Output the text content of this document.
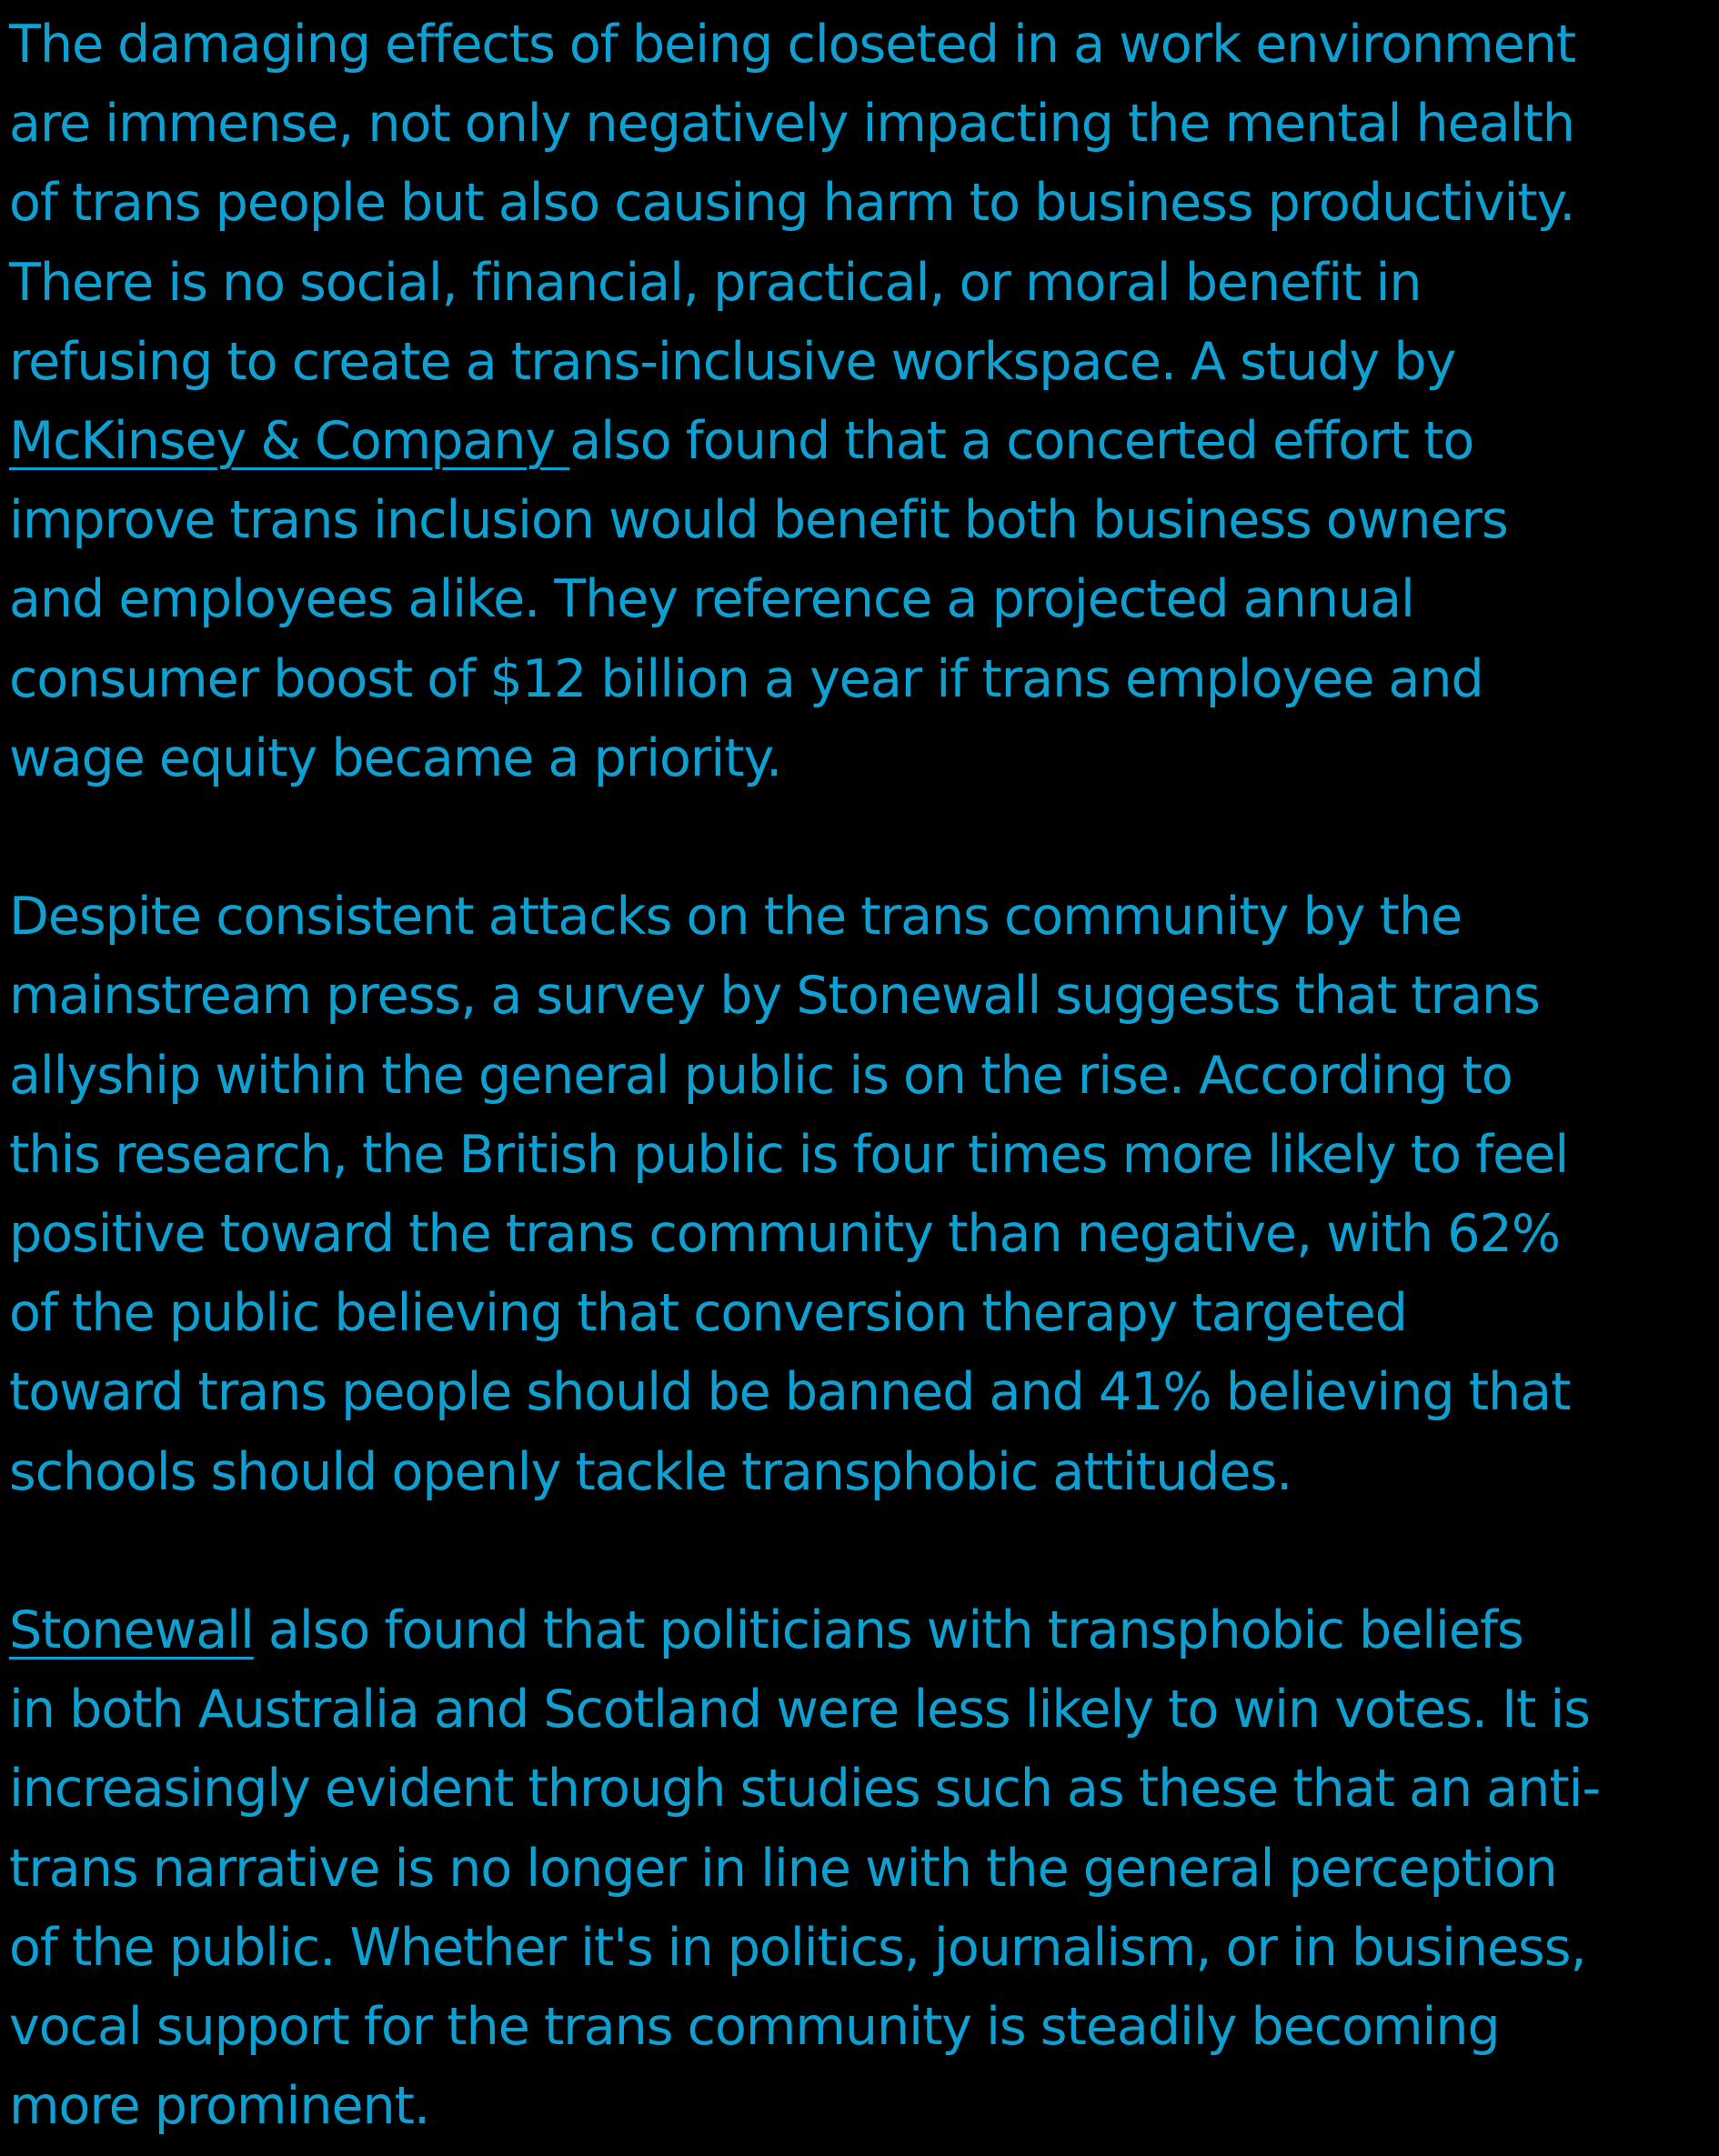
The damaging effects of being closeted in a work environment
are immense, not only negatively impacting the mental health
of trans people but also causing harm to business productivity.
There is no social, financial, practical, or moral benefit in
refusing to create a trans-inclusive workspace. A study by
McKinsey & Company also found that a concerted effort to
improve trans inclusion would benefit both business owners
and employees alike. They reference a projected annual
consumer boost of $12 billion a year if trans employee and
wage equity became a priority.

Despite consistent attacks on the trans community by the
mainstream press, a survey by Stonewall suggests that trans
allyship within the general public is on the rise. According to
this research, the British public is four times more likely to feel
positive toward the trans community than negative, with 62%
of the public believing that conversion therapy targeted
toward trans people should be banned and 41% believing that
schools should openly tackle transphobic attitudes.

Stonewall also found that politicians with transphobic beliefs
in both Australia and Scotland were less likely to win votes. It is
increasingly evident through studies such as these that an anti-
trans narrative is no longer in line with the general perception
of the public. Whether it's in politics, journalism, or in business,
vocal support for the trans community is steadily becoming
more prominent.
